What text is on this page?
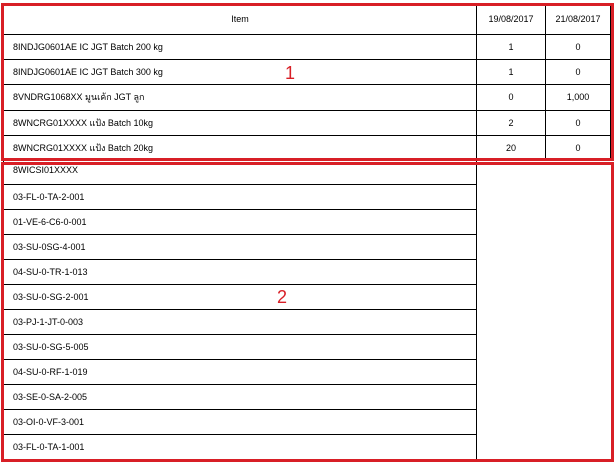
Item	19/08/2017	21/08/2017
8INDJG0601AE IC JGT Batch 200 kg	1	0
8INDJG0601AE IC JGT Batch 300 kg	1	0
8VNDRG1068XX มูนเค้ก JGT ลูก	0	1,000
8WNCRG01XXXX แป้ง Batch 10kg	2	0
8WNCRG01XXXX แป้ง Batch 20kg	20	0
8WICSI01XXXX
03-FL-0-TA-2-001
01-VE-6-C6-0-001
03-SU-0SG-4-001
04-SU-0-TR-1-013
03-SU-0-SG-2-001
03-PJ-1-JT-0-003
03-SU-0-SG-5-005
04-SU-0-RF-1-019
03-SE-0-SA-2-005
03-OI-0-VF-3-001
03-FL-0-TA-1-001
1
2
